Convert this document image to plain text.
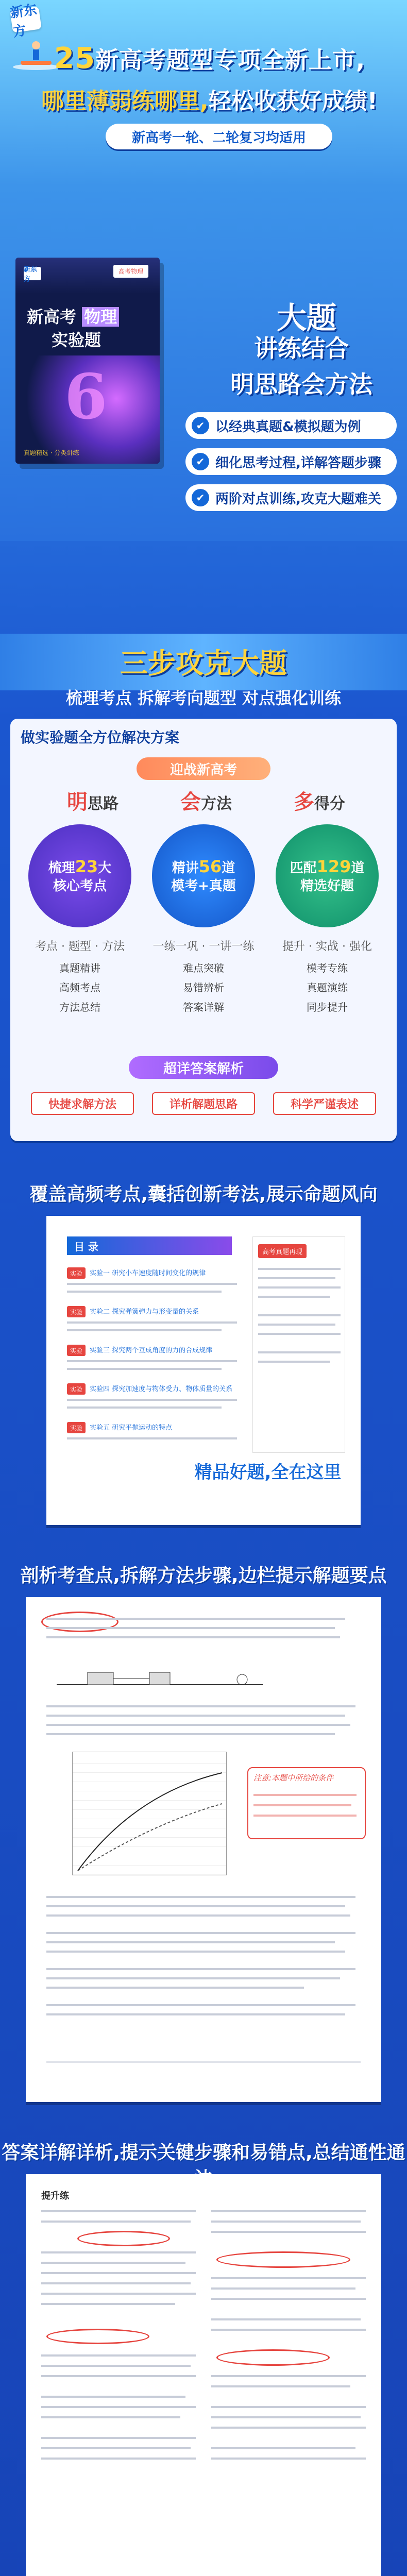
新东方
25新高考题型专项全新上市,
哪里薄弱练哪里,轻松收获好成绩!
新高考一轮、二轮复习均适用
新东方
高考物理
新高考 物理
实验题
6
真题精选 · 分类讲练
大题
讲练结合
明思路会方法
✔ 以经典真题&模拟题为例
✔ 细化思考过程,详解答题步骤
✔ 两阶对点训练,攻克大题难关
三步攻克大题
梳理考点 拆解考向题型 对点强化训练
做实验题全方位解决方案
迎战新高考
明思路	会方法	多得分
梳理23大
核心考点
精讲56道
模考+真题
匹配129道
精选好题
考点 · 题型 · 方法	一练一巩 · 一讲一练	提升 · 实战 · 强化
真题精讲
高频考点
方法总结
难点突破
易错辨析
答案详解
模考专练
真题演练
同步提升
超详答案解析
快捷求解方法	详析解题思路	科学严谨表述
覆盖高频考点,囊括创新考法,展示命题风向
目 录
实验	实验一 研究小车速度随时间变化的规律
实验	实验二 探究弹簧弹力与形变量的关系
实验	实验三 探究两个互成角度的力的合成规律
实验	实验四 探究加速度与物体受力、物体质量的关系
实验	实验五 研究平抛运动的特点
高考真题再现
精品好题,全在这里
剖析考查点,拆解方法步骤,边栏提示解题要点
注意:本题中所给的条件
答案详解详析,提示关键步骤和易错点,总结通性通
提升练
